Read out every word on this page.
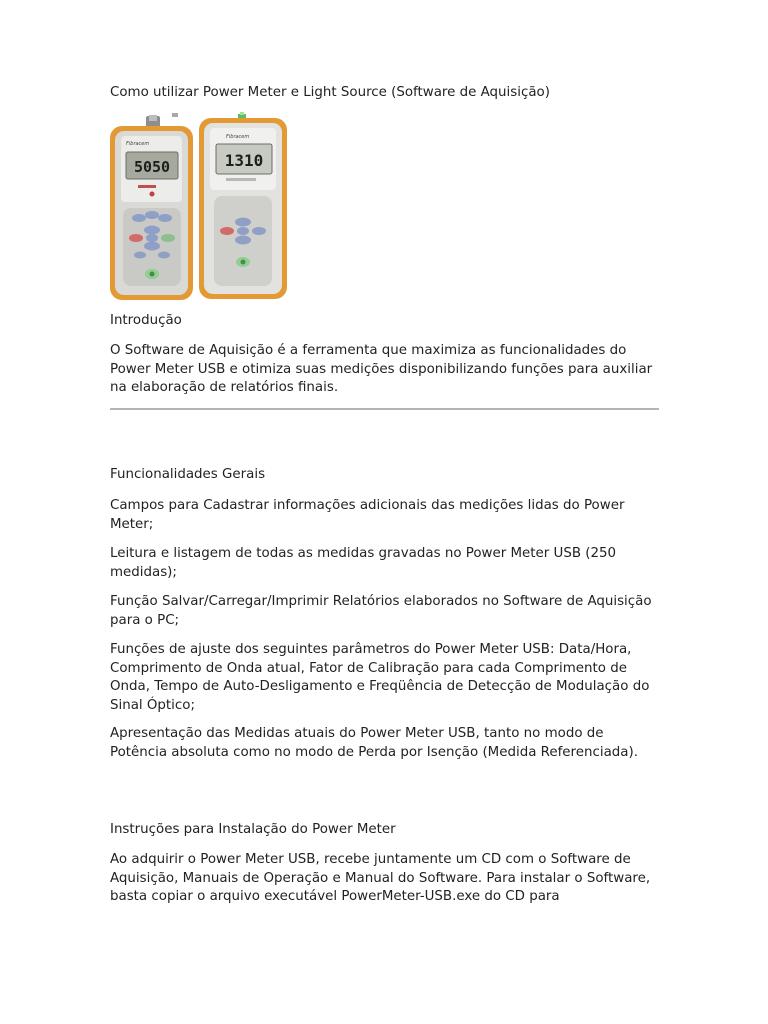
Como utilizar Power Meter e Light Source (Software de Aquisição)

Introdução

O Software de Aquisição é a ferramenta que maximiza as funcionalidades do Power Meter USB e otimiza suas medições disponibilizando funções para auxiliar na elaboração de relatórios finais.

Funcionalidades Gerais

Campos para Cadastrar informações adicionais das medições lidas do Power Meter;

Leitura e listagem de todas as medidas gravadas no Power Meter USB (250 medidas);

Função Salvar/Carregar/Imprimir Relatórios elaborados no Software de Aquisição para o PC;

Funções de ajuste dos seguintes parâmetros do Power Meter USB: Data/Hora, Comprimento de Onda atual, Fator de Calibração para cada Comprimento de Onda, Tempo de Auto-Desligamento e Freqüência de Detecção de Modulação do Sinal Óptico;

Apresentação das Medidas atuais do Power Meter USB, tanto no modo de Potência absoluta como no modo de Perda por Isenção (Medida Referenciada).

Instruções para Instalação do Power Meter

Ao adquirir o Power Meter USB, recebe juntamente um CD com o Software de Aquisição, Manuais de Operação e Manual do Software. Para instalar o Software, basta copiar o arquivo executável PowerMeter-USB.exe do CD para

Fibracem
5050
Fibracem
1310
